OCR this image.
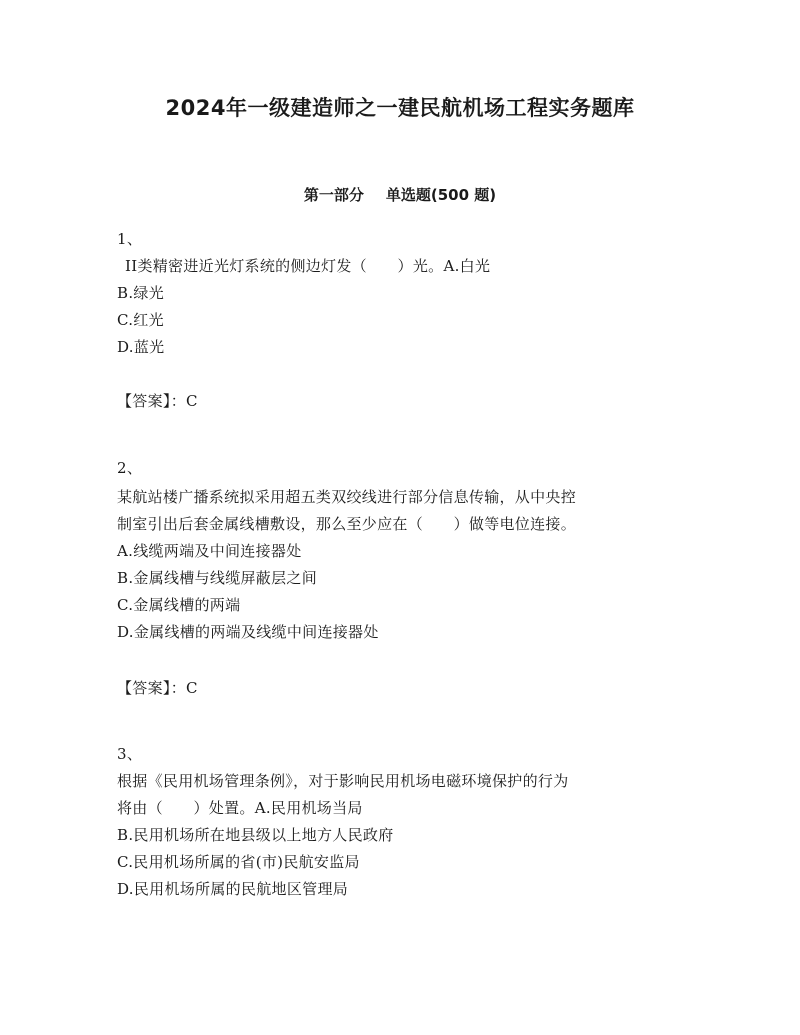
2024年一级建造师之一建民航机场工程实务题库
第一部分 单选题(500 题)
1、
II类精密进近光灯系统的侧边灯发（　　）光。A.白光
B.绿光
C.红光
D.蓝光
【答案】：C
2、
某航站楼广播系统拟采用超五类双绞线进行部分信息传输，从中央控
制室引出后套金属线槽敷设，那么至少应在（　　）做等电位连接。
A.线缆两端及中间连接器处
B.金属线槽与线缆屏蔽层之间
C.金属线槽的两端
D.金属线槽的两端及线缆中间连接器处
【答案】：C
3、
根据《民用机场管理条例》，对于影响民用机场电磁环境保护的行为
将由（　　）处置。A.民用机场当局
B.民用机场所在地县级以上地方人民政府
C.民用机场所属的省(市)民航安监局
D.民用机场所属的民航地区管理局
